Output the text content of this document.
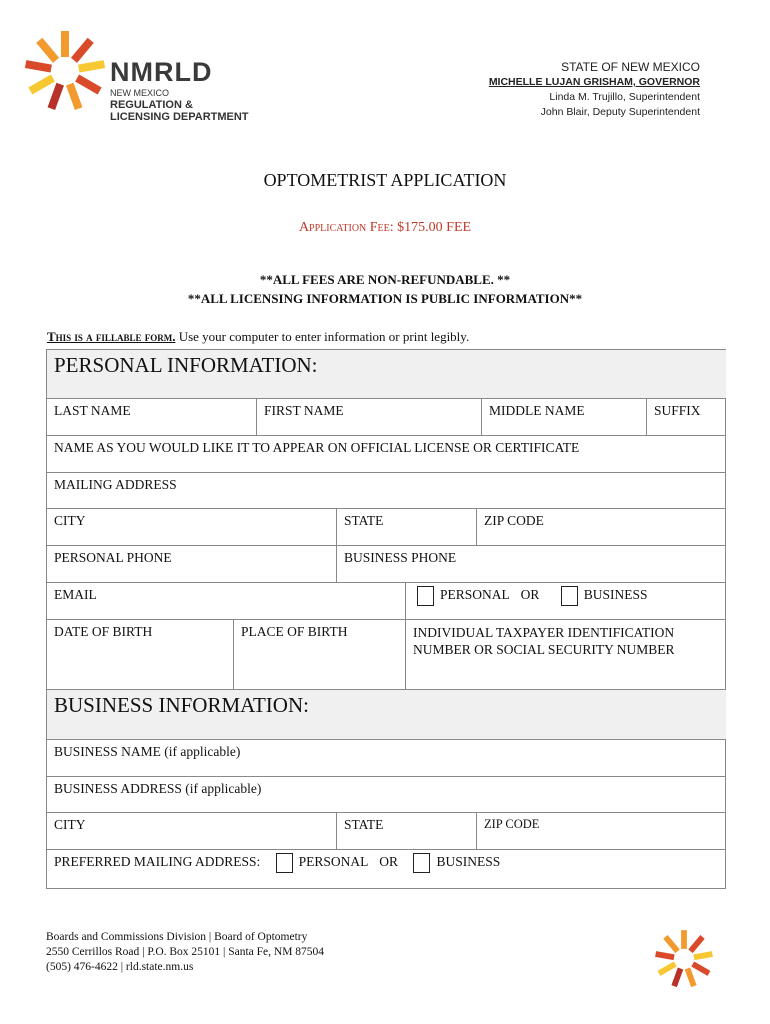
NMRLD
NEW MEXICO
REGULATION &
LICENSING DEPARTMENT
STATE OF NEW MEXICO
MICHELLE LUJAN GRISHAM, GOVERNOR
Linda M. Trujillo, Superintendent
John Blair, Deputy Superintendent
OPTOMETRIST APPLICATION
Application Fee: $175.00 FEE
**ALL FEES ARE NON-REFUNDABLE. **
**ALL LICENSING INFORMATION IS PUBLIC INFORMATION**
This is a fillable form. Use your computer to enter information or print legibly.
PERSONAL INFORMATION:
LAST NAME	FIRST NAME	MIDDLE NAME	SUFFIX
NAME AS YOU WOULD LIKE IT TO APPEAR ON OFFICIAL LICENSE OR CERTIFICATE
MAILING ADDRESS
CITY	STATE	ZIP CODE
PERSONAL PHONE	BUSINESS PHONE
EMAIL	PERSONAL OR	BUSINESS
DATE OF BIRTH	PLACE OF BIRTH	INDIVIDUAL TAXPAYER IDENTIFICATION
NUMBER OR SOCIAL SECURITY NUMBER
BUSINESS INFORMATION:
BUSINESS NAME (if applicable)
BUSINESS ADDRESS (if applicable)
CITY	STATE	ZIP CODE
PREFERRED MAILING ADDRESS:	PERSONAL OR	BUSINESS
Boards and Commissions Division | Board of Optometry
2550 Cerrillos Road | P.O. Box 25101 | Santa Fe, NM 87504
(505) 476-4622 | rld.state.nm.us
